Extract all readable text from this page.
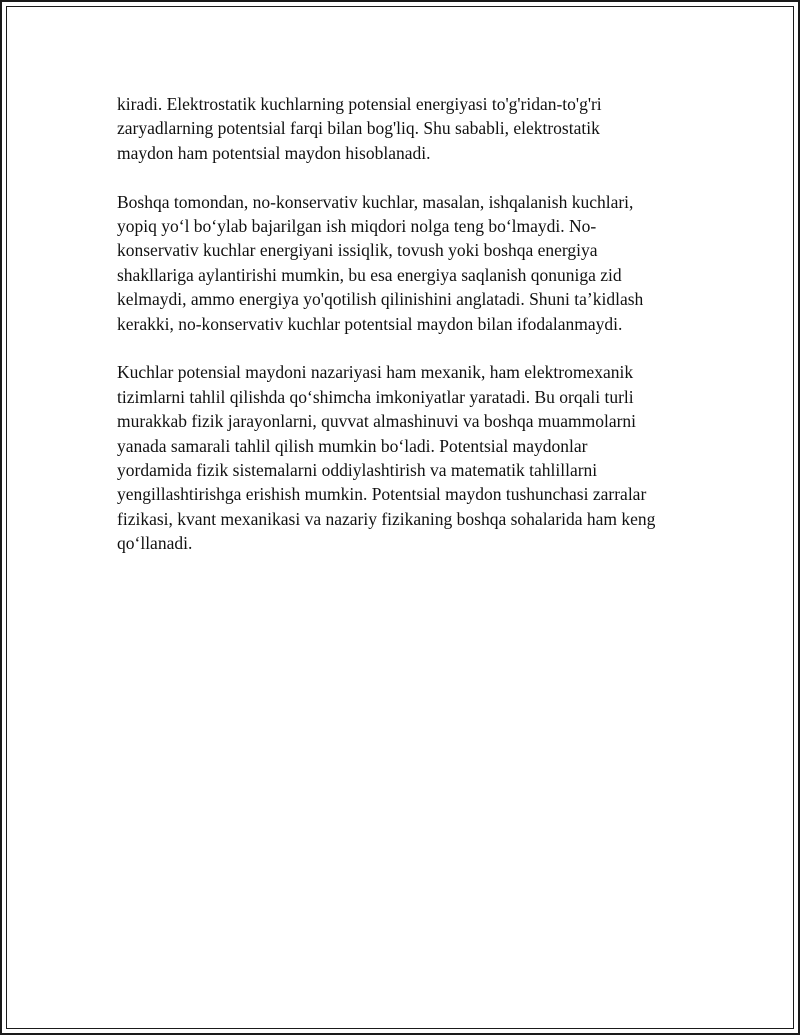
kiradi. Elektrostatik kuchlarning potensial energiyasi to'g'ridan-to'g'ri
zaryadlarning potentsial farqi bilan bog'liq. Shu sababli, elektrostatik
maydon ham potentsial maydon hisoblanadi.

Boshqa tomondan, no-konservativ kuchlar, masalan, ishqalanish kuchlari,
yopiq yo‘l bo‘ylab bajarilgan ish miqdori nolga teng bo‘lmaydi. No-
konservativ kuchlar energiyani issiqlik, tovush yoki boshqa energiya
shakllariga aylantirishi mumkin, bu esa energiya saqlanish qonuniga zid
kelmaydi, ammo energiya yo'qotilish qilinishini anglatadi. Shuni ta’kidlash
kerakki, no-konservativ kuchlar potentsial maydon bilan ifodalanmaydi.

Kuchlar potensial maydoni nazariyasi ham mexanik, ham elektromexanik
tizimlarni tahlil qilishda qo‘shimcha imkoniyatlar yaratadi. Bu orqali turli
murakkab fizik jarayonlarni, quvvat almashinuvi va boshqa muammolarni
yanada samarali tahlil qilish mumkin bo‘ladi. Potentsial maydonlar
yordamida fizik sistemalarni oddiylashtirish va matematik tahlillarni
yengillashtirishga erishish mumkin. Potentsial maydon tushunchasi zarralar
fizikasi, kvant mexanikasi va nazariy fizikaning boshqa sohalarida ham keng
qo‘llanadi.
